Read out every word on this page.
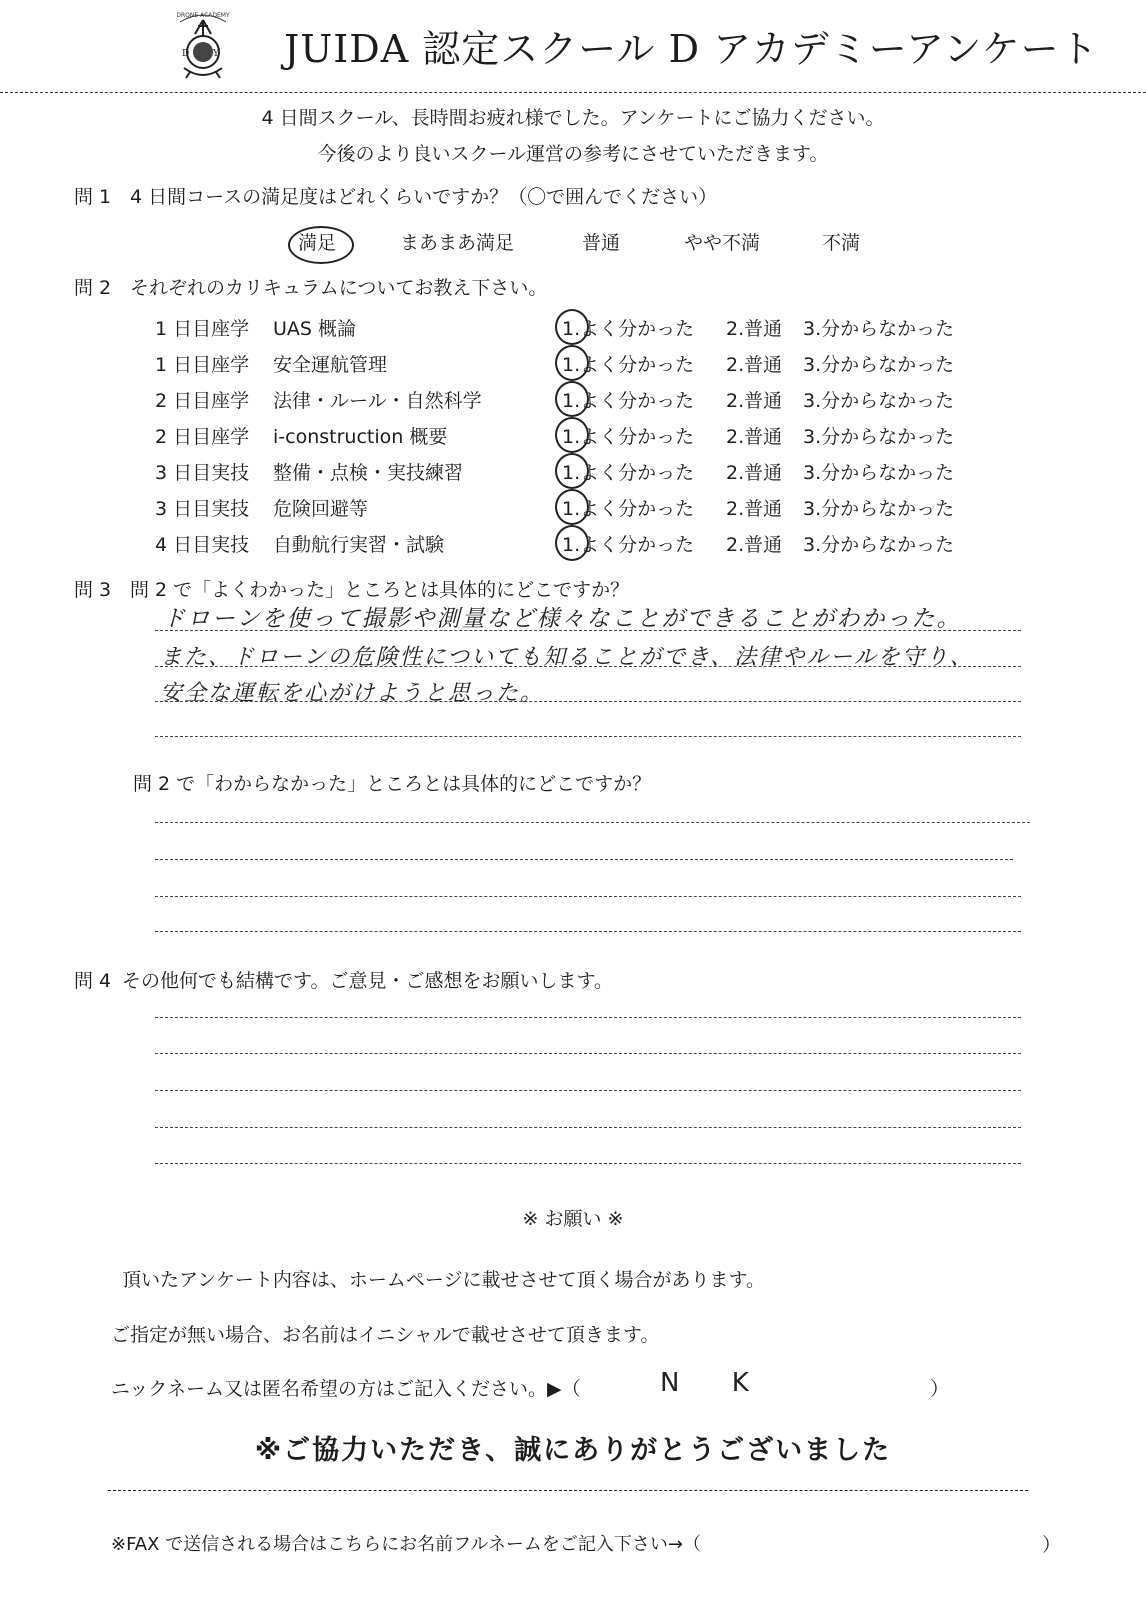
DRONE ACADEMY
D	Y JUIDA 認定スクール D アカデミーアンケート
4 日間スクール、長時間お疲れ様でした。アンケートにご協力ください。
今後のより良いスクール運営の参考にさせていただきます。
問 1 4 日間コースの満足度はどれくらいですか？（〇で囲んでください）
満足	まあまあ満足	普通	やや不満	不満
問 2 それぞれのカリキュラムについてお教え下さい。
1 日目座学 UAS 概論	1.よく分かった 2.普通 3.分からなかった
1 日目座学 安全運航管理	1.よく分かった 2.普通 3.分からなかった
2 日目座学 法律・ルール・自然科学	1.よく分かった 2.普通 3.分からなかった
2 日目座学 i-construction 概要	1.よく分かった 2.普通 3.分からなかった
3 日目実技 整備・点検・実技練習	1.よく分かった 2.普通 3.分からなかった
3 日目実技 危険回避等	1.よく分かった 2.普通 3.分からなかった
4 日目実技 自動航行実習・試験	1.よく分かった 2.普通 3.分からなかった
問 3 問 2 で「よくわかった」ところとは具体的にどこですか？
ドローンを使って撮影や測量など様々なことができることがわかった。
また、ドローンの危険性についても知ることができ、法律やルールを守り、
安全な運転を心がけようと思った。
問 2 で「わからなかった」ところとは具体的にどこですか？
問 4 その他何でも結構です。ご意見・ご感想をお願いします。
※ お願い ※
頂いたアンケート内容は、ホームページに載せさせて頂く場合があります。
ご指定が無い場合、お名前はイニシャルで載せさせて頂きます。
ニックネーム又は匿名希望の方はご記入ください。▶（	N K	）
※ご協力いただき、誠にありがとうございました
※FAX で送信される場合はこちらにお名前フルネームをご記入下さい→（	）
